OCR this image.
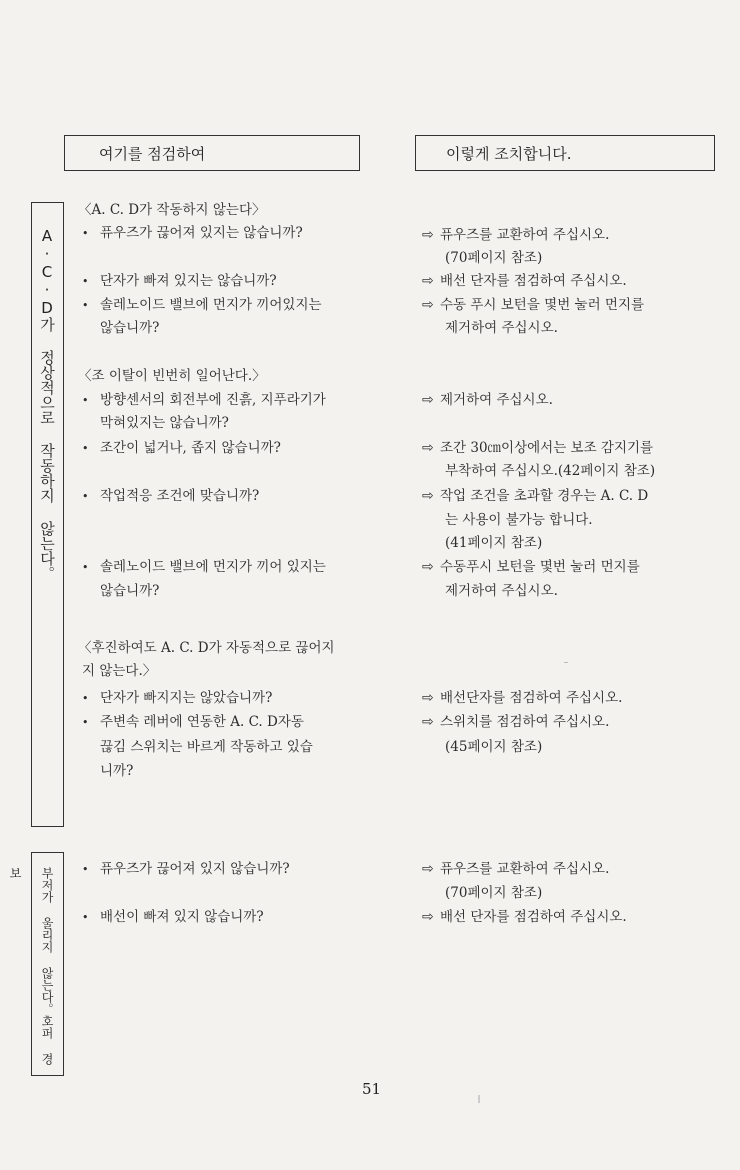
여기를 점검하여	이렇게 조치합니다.
A·C·D가 정상적으로 작동하지 않는다。
부저가 울리지 않는다。호퍼 경보
〈A. C. D가 작동하지 않는다〉
• 퓨우즈가 끊어져 있지는 않습니까?
• 단자가 빠져 있지는 않습니까?
• 솔레노이드 밸브에 먼지가 끼어있지는
않습니까?
〈조 이탈이 빈번히 일어난다.〉
• 방향센서의 회전부에 진흙, 지푸라기가
막혀있지는 않습니까?
• 조간이 넓거나, 좁지 않습니까?
• 작업적응 조건에 맞습니까?
• 솔레노이드 밸브에 먼지가 끼어 있지는
않습니까?
〈후진하여도 A. C. D가 자동적으로 끊어지
지 않는다.〉
• 단자가 빠지지는 않았습니까?
• 주변속 레버에 연동한 A. C. D자동
끊김 스위치는 바르게 작동하고 있습
니까?
• 퓨우즈가 끊어져 있지 않습니까?
• 배선이 빠져 있지 않습니까?
⇨ 퓨우즈를 교환하여 주십시오.
(70페이지 참조)
⇨ 배선 단자를 점검하여 주십시오.
⇨ 수동 푸시 보턴을 몇번 눌러 먼지를
제거하여 주십시오.
⇨ 제거하여 주십시오.
⇨ 조간 30㎝이상에서는 보조 감지기를
부착하여 주십시오.(42페이지 참조)
⇨ 작업 조건을 초과할 경우는 A. C. D
는 사용이 불가능 합니다.
(41페이지 참조)
⇨ 수동푸시 보턴을 몇번 눌러 먼지를
제거하여 주십시오.
⇨ 배선단자를 점검하여 주십시오.
⇨ 스위치를 점검하여 주십시오.
(45페이지 참조)
⇨ 퓨우즈를 교환하여 주십시오.
(70페이지 참조)
⇨ 배선 단자를 점검하여 주십시오.
51
